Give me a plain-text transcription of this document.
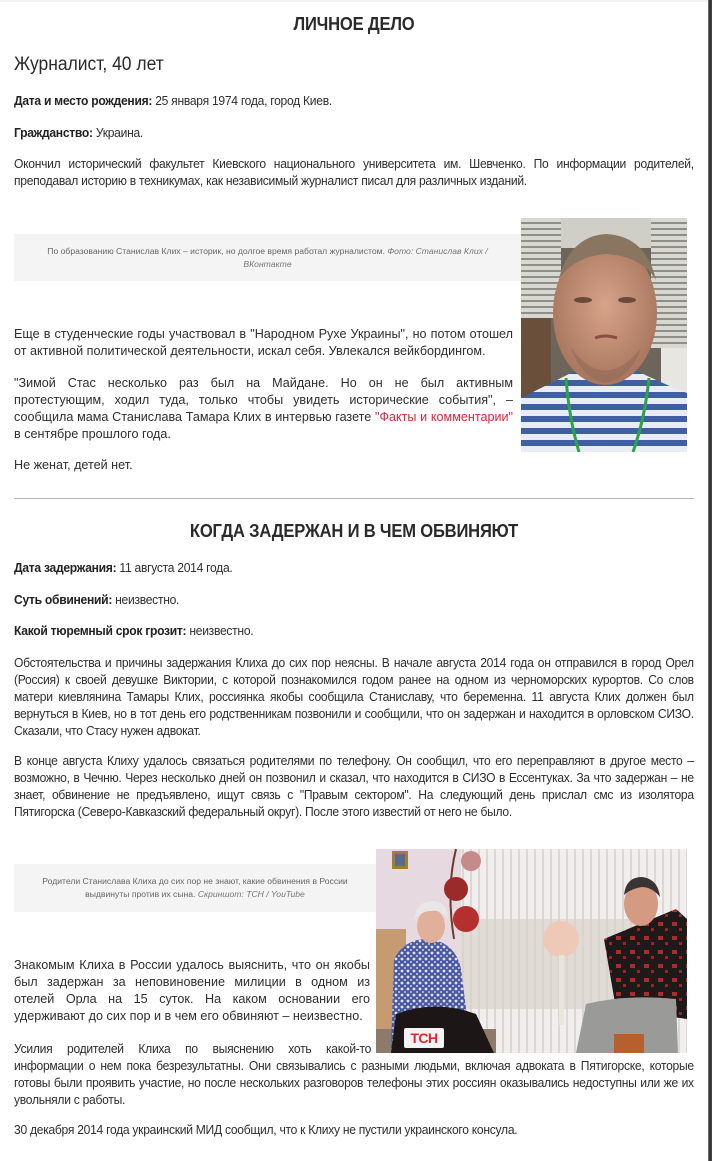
ЛИЧНОЕ ДЕЛО
Журналист, 40 лет
Дата и место рождения: 25 января 1974 года, город Киев.
Гражданство: Украина.
Окончил исторический факультет Киевского национального университета им. Шевченко. По информации родителей, преподавал историю в техникумах, как независимый журналист писал для различных изданий.
По образованию Станислав Клих – историк, но долгое время работал журналистом. Фото: Станислав Клих / ВКонтакте
Еще в студенческие годы участвовал в "Народном Рухе Украины", но потом отошел от активной политической деятельности, искал себя. Увлекался вейкбордингом.
"Зимой Стас несколько раз был на Майдане. Но он не был активным протестующим, ходил туда, только чтобы увидеть исторические события", – сообщила мама Станислава Тамара Клих в интервью газете "Факты и комментарии" в сентябре прошлого года.
Не женат, детей нет.
КОГДА ЗАДЕРЖАН И В ЧЕМ ОБВИНЯЮТ
Дата задержания: 11 августа 2014 года.
Суть обвинений: неизвестно.
Какой тюремный срок грозит: неизвестно.
Обстоятельства и причины задержания Клиха до сих пор неясны. В начале августа 2014 года он отправился в город Орел (Россия) к своей девушке Виктории, с которой познакомился годом ранее на одном из черноморских курортов. Со слов матери киевлянина Тамары Клих, россиянка якобы сообщила Станиславу, что беременна. 11 августа Клих должен был вернуться в Киев, но в тот день его родственникам позвонили и сообщили, что он задержан и находится в орловском СИЗО. Сказали, что Стасу нужен адвокат.
В конце августа Клиху удалось связаться родителями по телефону. Он сообщил, что его переправляют в другое место – возможно, в Чечню. Через несколько дней он позвонил и сказал, что находится в СИЗО в Ессентуках. За что задержан – не знает, обвинение не предъявлено, ищут связь с "Правым сектором". На следующий день прислал смс из изолятора Пятигорска (Северо-Кавказский федеральный округ). После этого известий от него не было.
Родители Станислава Клиха до сих пор не знают, какие обвинения в России выдвинуты против их сына. Скриншот: ТСН / YouTube
Знакомым Клиха в России удалось выяснить, что он якобы был задержан за неповиновение милиции в одном из отелей Орла на 15 суток. На каком основании его удерживают до сих пор и в чем его обвиняют – неизвестно.
Усилия родителей Клиха по выяснению хоть какой-то
информации о нем пока безрезультатны. Они связывались с разными людьми, включая адвоката в Пятигорске, которые готовы были проявить участие, но после нескольких разговоров телефоны этих россиян оказывались недоступны или же их увольняли с работы.
30 декабря 2014 года украинский МИД сообщил, что к Клиху не пустили украинского консула.
ТСН
